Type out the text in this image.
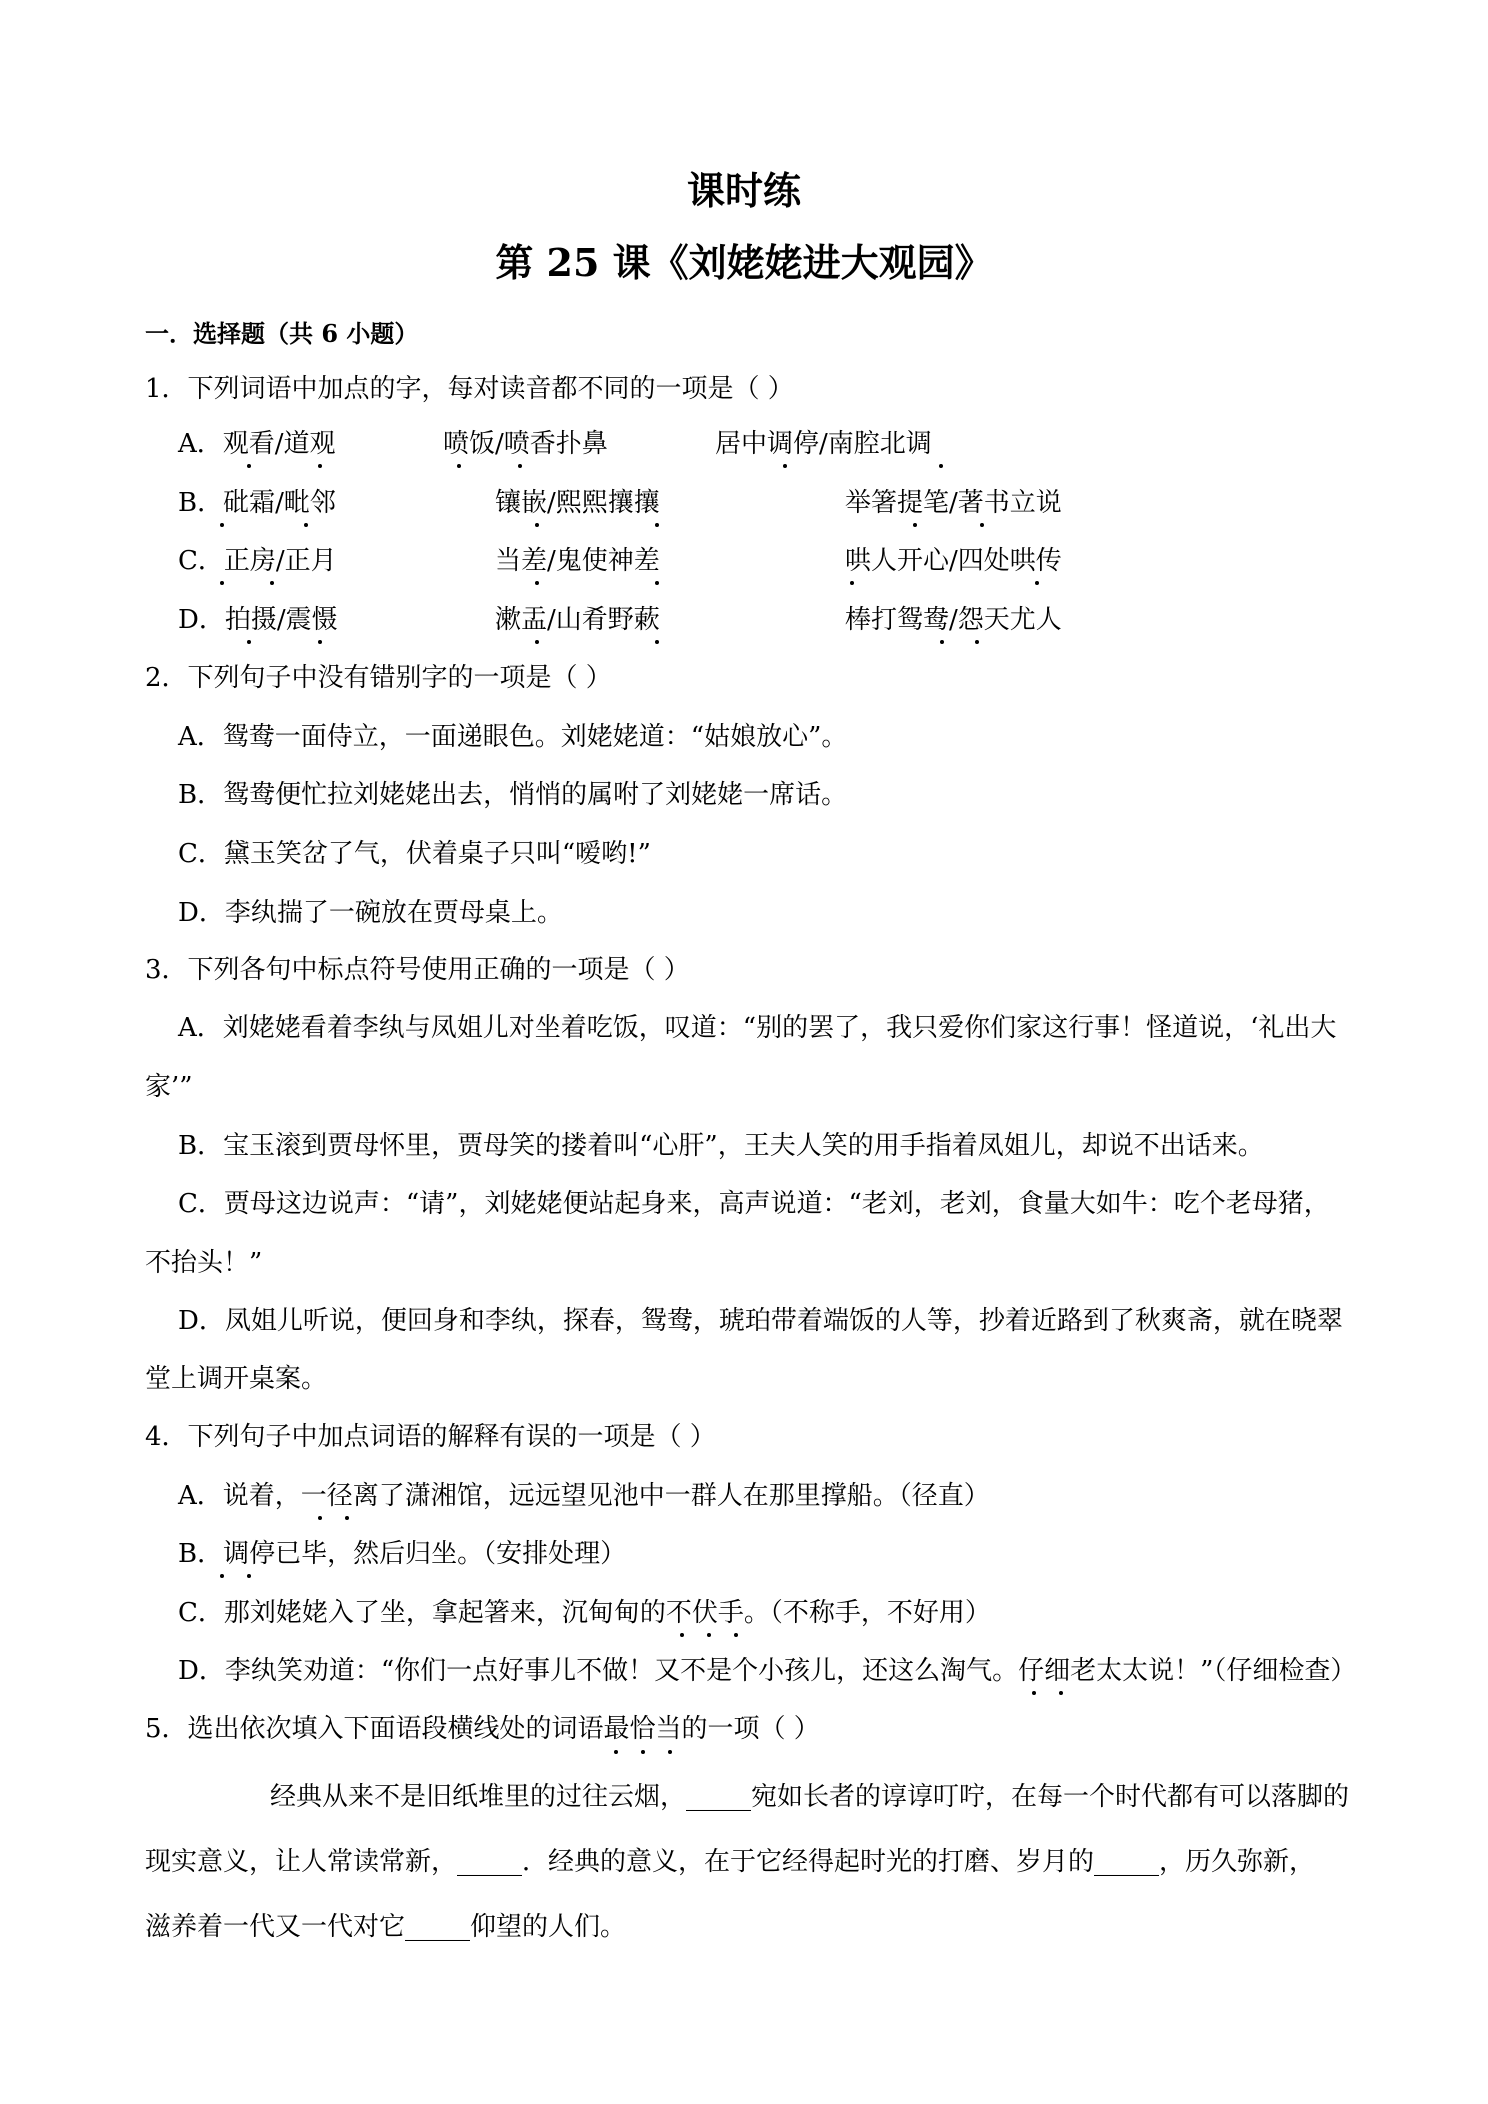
课时练
第 25 课《刘姥姥进大观园》
一．选择题（共 6 小题）
1．下列词语中加点的字，每对读音都不同的一项是（ ）
A．观看/道观	喷饭/喷香扑鼻	居中调停/南腔北调
B．砒霜/毗邻	镶嵌/熙熙攘攘	举箸提笔/著书立说
C．正房/正月	当差/鬼使神差	哄人开心/四处哄传
D．拍摄/震慑	漱盂/山肴野蔌	棒打鸳鸯/怨天尤人
2．下列句子中没有错别字的一项是（ ）
A．鸳鸯一面侍立，一面递眼色。刘姥姥道：“姑娘放心”。
B．鸳鸯便忙拉刘姥姥出去，悄悄的属咐了刘姥姥一席话。
C．黛玉笑岔了气，伏着桌子只叫“嗳哟!”
D．李纨揣了一碗放在贾母桌上。
3．下列各句中标点符号使用正确的一项是（ ）
A．刘姥姥看着李纨与凤姐儿对坐着吃饭，叹道：“别的罢了，我只爱你们家这行事！怪道说，‘礼出大
家’”
B．宝玉滚到贾母怀里，贾母笑的搂着叫“心肝”，王夫人笑的用手指着凤姐儿，却说不出话来。
C．贾母这边说声：“请”，刘姥姥便站起身来，高声说道：“老刘，老刘，食量大如牛：吃个老母猪，
不抬头！”
D．凤姐儿听说，便回身和李纨，探春，鸳鸯，琥珀带着端饭的人等，抄着近路到了秋爽斋，就在晓翠
堂上调开桌案。
4．下列句子中加点词语的解释有误的一项是（ ）
A．说着，一径离了潇湘馆，远远望见池中一群人在那里撑船。（径直）
B．调停已毕，然后归坐。（安排处理）
C．那刘姥姥入了坐，拿起箸来，沉甸甸的不伏手。（不称手，不好用）
D．李纨笑劝道：“你们一点好事儿不做！又不是个小孩儿，还这么淘气。仔细老太太说！”（仔细检查）
5．选出依次填入下面语段横线处的词语最恰当的一项（ ）
经典从来不是旧纸堆里的过往云烟，_____宛如长者的谆谆叮咛，在每一个时代都有可以落脚的
现实意义，让人常读常新，_____．经典的意义，在于它经得起时光的打磨、岁月的_____，历久弥新，
滋养着一代又一代对它_____仰望的人们。
